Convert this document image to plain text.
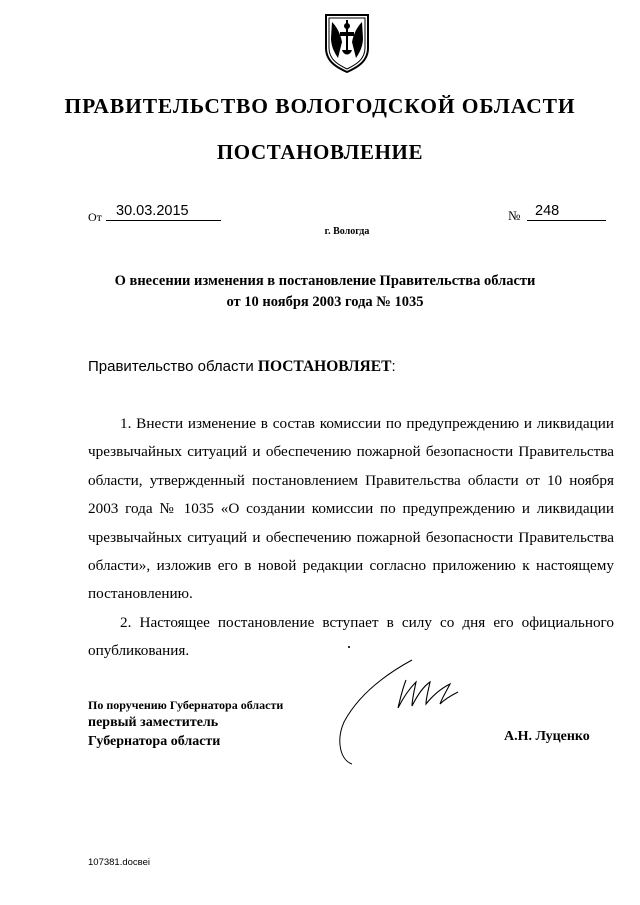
ПРАВИТЕЛЬСТВО ВОЛОГОДСКОЙ ОБЛАСТИ
ПОСТАНОВЛЕНИЕ
От 30.03.2015	№	248
г. Вологда
О внесении изменения в постановление Правительства области
от 10 ноября 2003 года № 1035
Правительство области ПОСТАНОВЛЯЕТ:

1. Внести изменение в состав комиссии по предупреждению и ликвидации чрезвычайных ситуаций и обеспечению пожарной безопасности Правительства области, утвержденный постановлением Правительства области от 10 ноября 2003 года № 1035 «О создании комиссии по предупреждению и ликвидации чрезвычайных ситуаций и обеспечению пожарной безопасности Правительства области», изложив его в новой редакции согласно приложению к настоящему постановлению.

2. Настоящее постановление вступает в силу со дня его официального опубликования.

По поручению Губернатора области
первый заместитель
Губернатора области	А.Н. Луценко
107381.docвеі
